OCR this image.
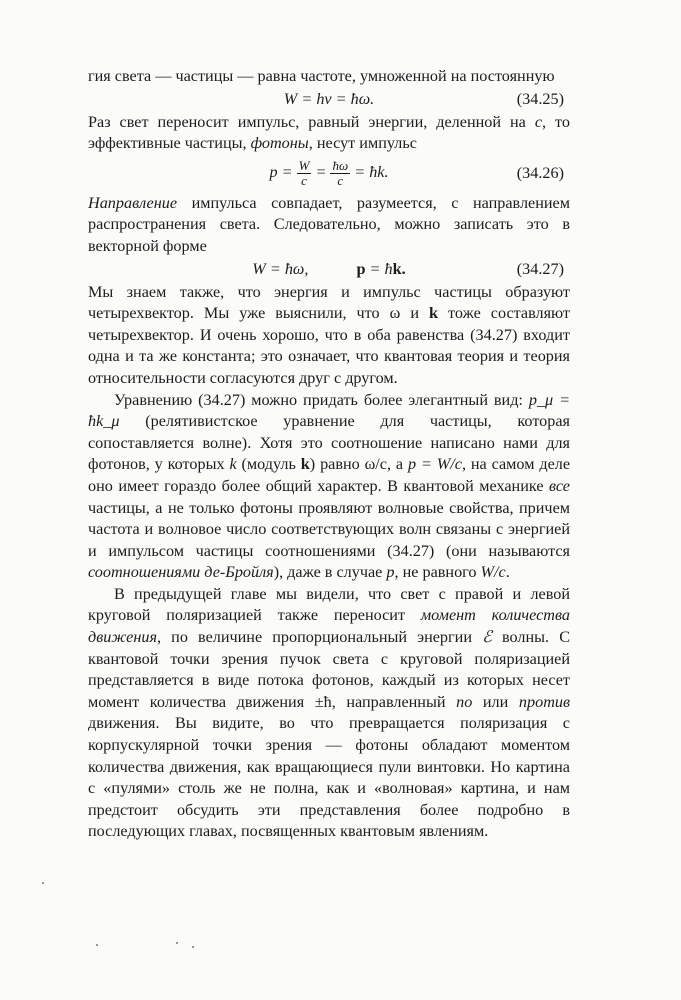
гия света — частицы — равна частоте, умноженной на постоянную

W = hν = ħω.	(34.25)

Раз свет переносит импульс, равный энергии, деленной на c, то эффективные частицы, фотоны, несут импульс

$p = \frac{W}{c} = \frac{ħ\omega}{c}$ = ħk.	(34.26)

Направление импульса совпадает, разумеется, с направлением распространения света. Следовательно, можно записать это в векторной форме

W = ħω,	p = ħk.	(34.27)

Мы знаем также, что энергия и импульс частицы образуют четырехвектор. Мы уже выяснили, что ω и k тоже составляют четырехвектор. И очень хорошо, что в оба равенства (34.27) входит одна и та же константа; это означает, что квантовая теория и теория относительности согласуются друг с другом.

Уравнению (34.27) можно придать более элегантный вид: p_μ = ħk_μ (релятивистское уравнение для частицы, которая сопоставляется волне). Хотя это соотношение написано нами для фотонов, у которых k (модуль k) равно ω/c, а p = W/c, на самом деле оно имеет гораздо более общий характер. В квантовой механике все частицы, а не только фотоны проявляют волновые свойства, причем частота и волновое число соответствующих волн связаны с энергией и импульсом частицы соотношениями (34.27) (они называются соотношениями де-Бройля), даже в случае p, не равного W/c.

В предыдущей главе мы видели, что свет с правой и левой круговой поляризацией также переносит момент количества движения, по величине пропорциональный энергии ℰ волны. С квантовой точки зрения пучок света с круговой поляризацией представляется в виде потока фотонов, каждый из которых несет момент количества движения ±ħ, направленный по или против движения. Вы видите, во что превращается поляризация с корпускулярной точки зрения — фотоны обладают моментом количества движения, как вращающиеся пули винтовки. Но картина с «пулями» столь же не полна, как и «волновая» картина, и нам предстоит обсудить эти представления более подробно в последующих главах, посвященных квантовым явлениям.
